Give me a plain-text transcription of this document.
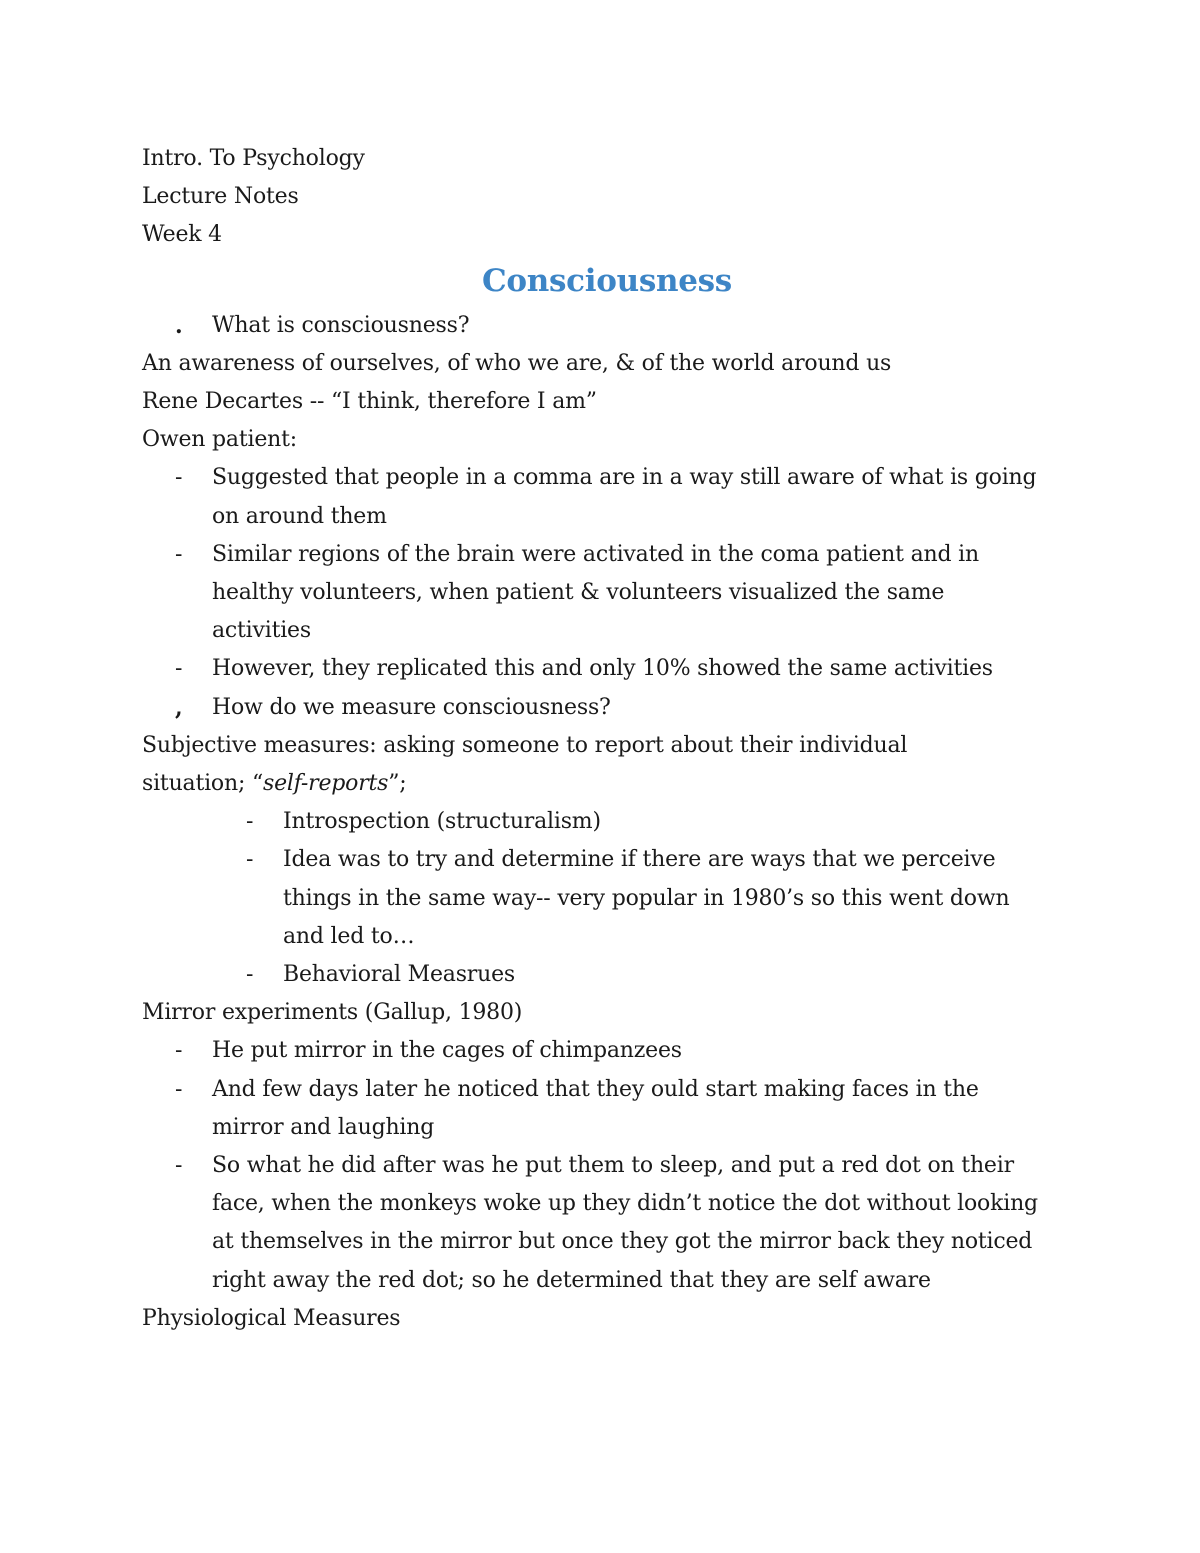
Intro. To Psychology

Lecture Notes

Week 4

Consciousness
.	What is consciousness?

An awareness of ourselves, of who we are, & of the world around us

Rene Decartes -- “I think, therefore I am”

Owen patient:

-	Suggested that people in a comma are in a way still aware of what is going on around them
-	Similar regions of the brain were activated in the coma patient and in healthy volunteers, when patient & volunteers visualized the same activities
-	However, they replicated this and only 10% showed the same activities
,	How do we measure consciousness?

Subjective measures: asking someone to report about their individual situation; “self-reports”;

-	Introspection (structuralism)
-	Idea was to try and determine if there are ways that we perceive things in the same way-- very popular in 1980’s so this went down and led to…
-	Behavioral Measrues

Mirror experiments (Gallup, 1980)

-	He put mirror in the cages of chimpanzees
-	And few days later he noticed that they ould start making faces in the mirror and laughing
-	So what he did after was he put them to sleep, and put a red dot on their face, when the monkeys woke up they didn’t notice the dot without looking at themselves in the mirror but once they got the mirror back they noticed right away the red dot; so he determined that they are self aware

Physiological Measures
